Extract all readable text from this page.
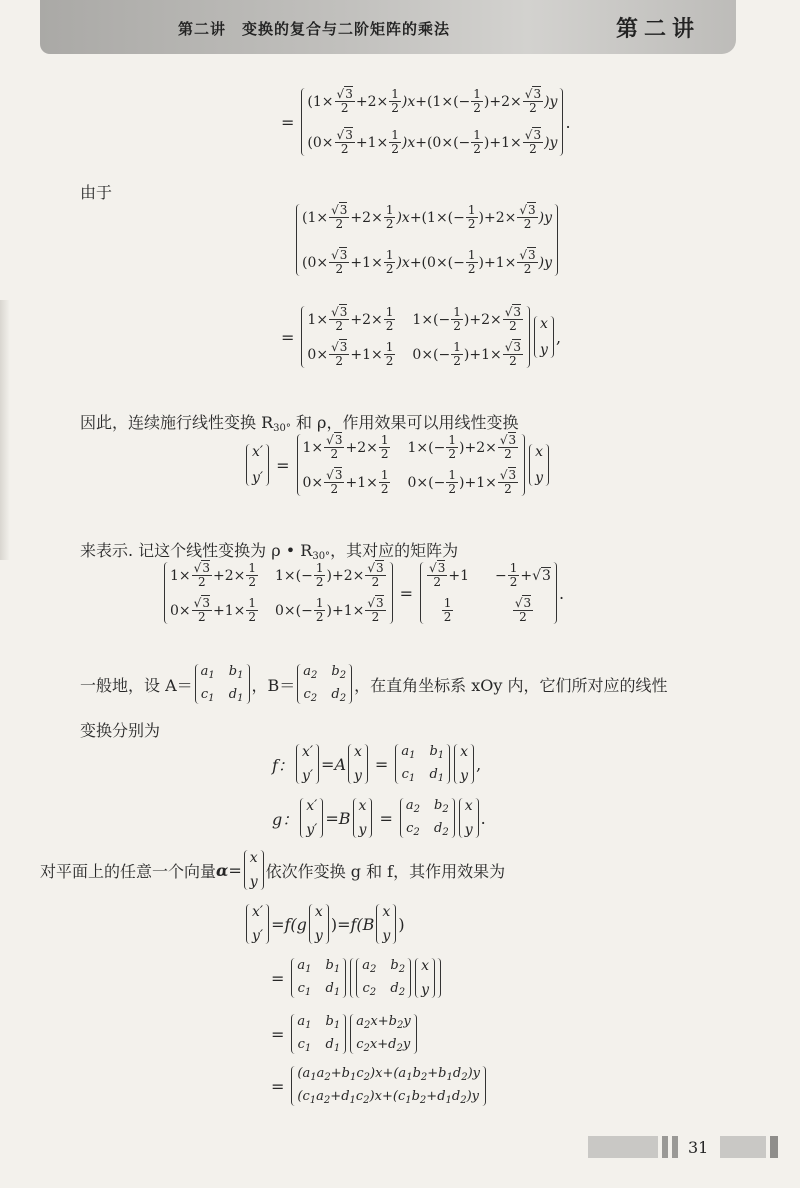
第二讲　变换的复合与二阶矩阵的乘法	第二讲
=
( $1 \times \frac{√3}{2} + 2 \times \frac{1}{2} )x$ + ( 1 × (− $\frac{1}{2}$ ) + $2 \times \frac{√3}{2} )y$
( $0 \times \frac{√3}{2} + 1 \times \frac{1}{2} )x$ + ( 0 × (− $\frac{1}{2}$ ) + $1 \times \frac{√3}{2} )y$
.
由于
( $1 \times \frac{√3}{2} + 2 \times \frac{1}{2} )x$ + ( 1 × (− $\frac{1}{2}$ ) + $2 \times \frac{√3}{2} )y$
( $0 \times \frac{√3}{2} + 1 \times \frac{1}{2} )x$ + ( 0 × (− $\frac{1}{2}$ ) + $1 \times \frac{√3}{2} )y$
=
$1 \times \frac{√3}{2} + 2 \times \frac{1}{2} 1$ × (− $\frac{1}{2}$ ) + $2 \times \frac{√3}{2}$
$0 \times \frac{√3}{2} + 1 \times \frac{1}{2} 0$ × (− $\frac{1}{2}$ ) + $1 \times \frac{√3}{2}$
x
y
,
因此，连续施行线性变换 $R_{30^\circ}$ 和 ρ，作用效果可以用线性变换
x′
y′
=
$1 \times \frac{√3}{2} + 2 \times \frac{1}{2} 1$ × (− $\frac{1}{2}$ ) + $2 \times \frac{√3}{2}$
$0 \times \frac{√3}{2} + 1 \times \frac{1}{2} 0$ × (− $\frac{1}{2}$ ) + $1 \times \frac{√3}{2}$
x
y
来表示. 记这个线性变换为 ρ • $R_{30^\circ}$，其对应的矩阵为
$1 \times \frac{√3}{2} + 2 \times \frac{1}{2} 1$ × (− $\frac{1}{2}$ ) + $2 \times \frac{√3}{2}$
$0 \times \frac{√3}{2} + 1 \times \frac{1}{2} 0$ × (− $\frac{1}{2}$ ) + $1 \times \frac{√3}{2}$
=
$\frac{√3}{2} + 1 - \frac{1}{2}$ + √ 3
$\frac{1}{2}$	$\frac{√3}{2}$
.
一般地，设 A＝
$a_1$ $b_1$
$c_1$ $d_1$
，B＝
$a_2$ $b_2$
$c_2$ $d_2$
，在直角坐标系 xOy 内，它们所对应的线性
变换分别为
f：
x′
y′
= A
x
y
=
$a_1$ $b_1$
$c_1$ $d_1$
x
y
,
g：
x′
y′
= B
x
y
=
$a_2$ $b_2$
$c_2$ $d_2$
x
y
.
对平面上的任意一个向量 α =
x
y
依次作变换 g 和 f，其作用效果为
x′
y′
= f(g
x
y
) = f(B
x
y
)
=
$a_1$ $b_1$
$c_1$ $d_1$
$a_2$ $b_2$
$c_2$ $d_2$
x
y
=
$a_1$ $b_1$
$c_1$ $d_1$
$a_2x+b_2y$
$c_2x+d_2y$
=
$(a_1a_2+b_1c_2)x+(a_1b_2+b_1d_2)y$
$(c_1a_2+d_1c_2)x+(c_1b_2+d_1d_2)y$
31
